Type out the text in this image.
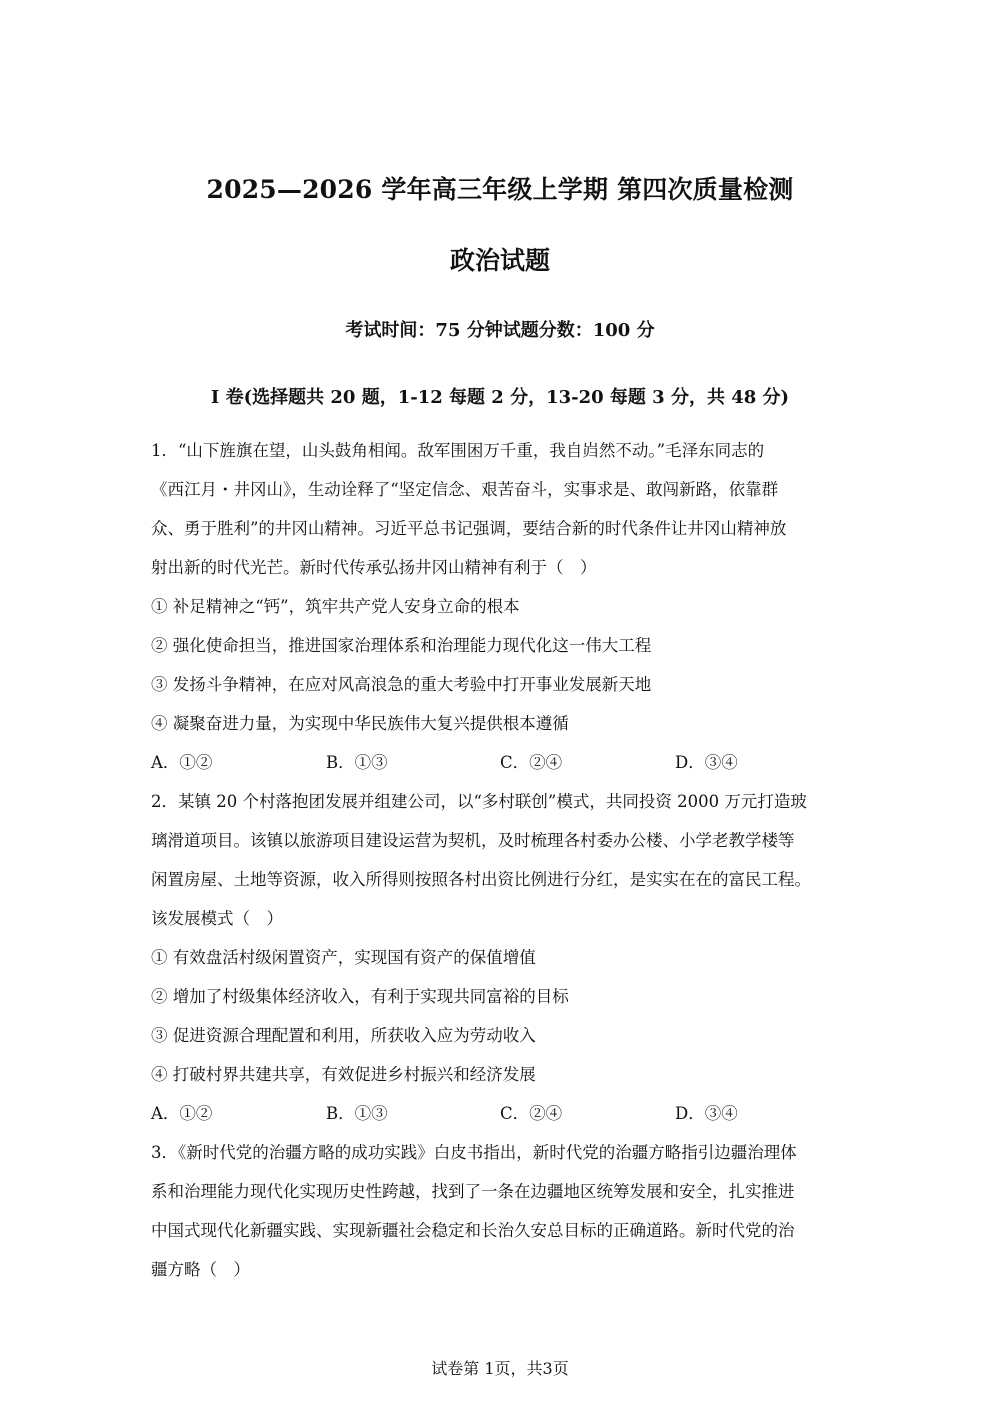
2025—2026 学年高三年级上学期 第四次质量检测
政治试题
考试时间：75 分钟试题分数：100 分
I 卷(选择题共 20 题，1-12 每题 2 分，13-20 每题 3 分，共 48 分)
1．“山下旌旗在望，山头鼓角相闻。敌军围困万千重，我自岿然不动。”毛泽东同志的
《西江月・井冈山》，生动诠释了“坚定信念、艰苦奋斗，实事求是、敢闯新路，依靠群
众、勇于胜利”的井冈山精神。习近平总书记强调，要结合新的时代条件让井冈山精神放
射出新的时代光芒。新时代传承弘扬井冈山精神有利于（　）
① 补足精神之“钙”，筑牢共产党人安身立命的根本
② 强化使命担当，推进国家治理体系和治理能力现代化这一伟大工程
③ 发扬斗争精神，在应对风高浪急的重大考验中打开事业发展新天地
④ 凝聚奋进力量，为实现中华民族伟大复兴提供根本遵循
A．①②	B．①③	C．②④	D．③④
2．某镇 20 个村落抱团发展并组建公司，以“多村联创”模式，共同投资 2000 万元打造玻
璃滑道项目。该镇以旅游项目建设运营为契机，及时梳理各村委办公楼、小学老教学楼等
闲置房屋、土地等资源，收入所得则按照各村出资比例进行分红，是实实在在的富民工程。
该发展模式（　）
① 有效盘活村级闲置资产，实现国有资产的保值增值
② 增加了村级集体经济收入，有利于实现共同富裕的目标
③ 促进资源合理配置和利用，所获收入应为劳动收入
④ 打破村界共建共享，有效促进乡村振兴和经济发展
A．①②	B．①③	C．②④	D．③④
3．《新时代党的治疆方略的成功实践》白皮书指出，新时代党的治疆方略指引边疆治理体
系和治理能力现代化实现历史性跨越，找到了一条在边疆地区统筹发展和安全，扎实推进
中国式现代化新疆实践、实现新疆社会稳定和长治久安总目标的正确道路。新时代党的治
疆方略（　）
试卷第 1页，共3页
